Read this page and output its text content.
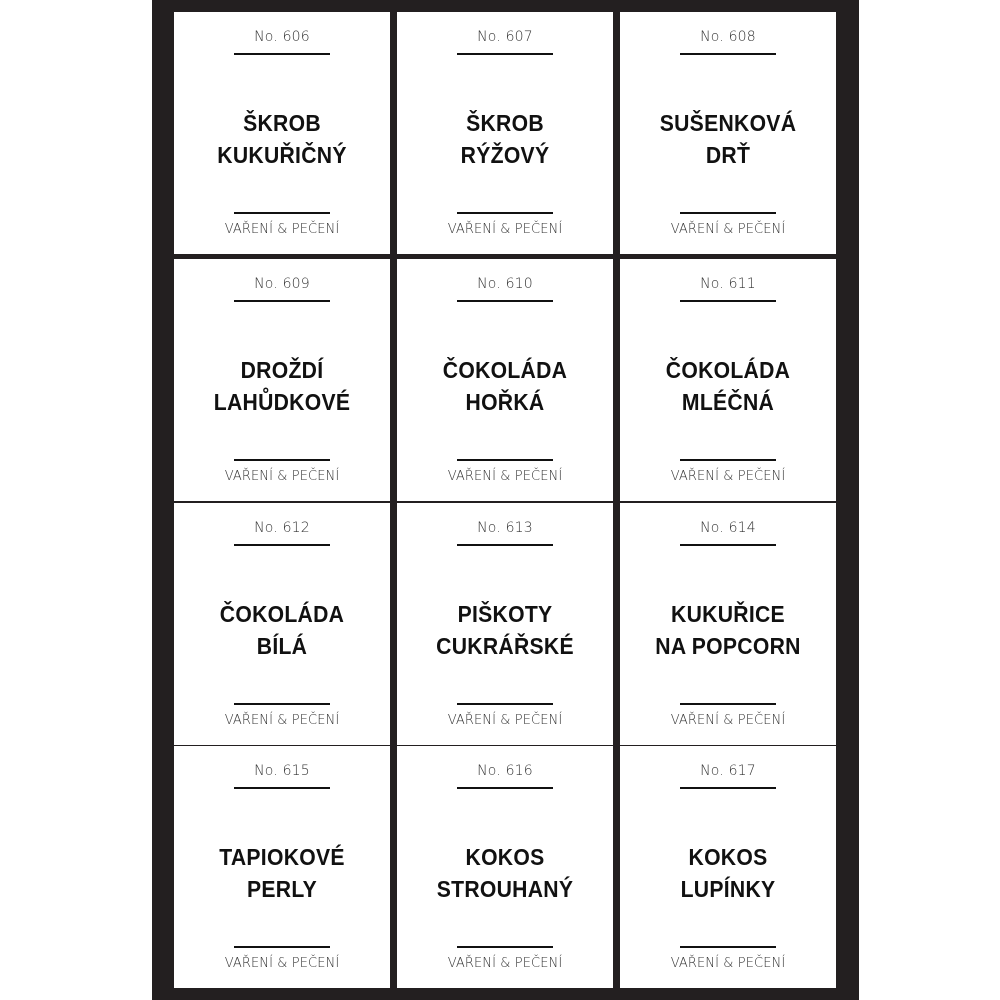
No. 606
ŠKROB
KUKUŘIČNÝ
VAŘENÍ & PEČENÍ
No. 607
ŠKROB
RÝŽOVÝ
VAŘENÍ & PEČENÍ
No. 608
SUŠENKOVÁ
DRŤ
VAŘENÍ & PEČENÍ
No. 609
DROŽDÍ
LAHŮDKOVÉ
VAŘENÍ & PEČENÍ
No. 610
ČOKOLÁDA
HOŘKÁ
VAŘENÍ & PEČENÍ
No. 611
ČOKOLÁDA
MLÉČNÁ
VAŘENÍ & PEČENÍ
No. 612
ČOKOLÁDA
BÍLÁ
VAŘENÍ & PEČENÍ
No. 613
PIŠKOTY
CUKRÁŘSKÉ
VAŘENÍ & PEČENÍ
No. 614
KUKUŘICE
NA POPCORN
VAŘENÍ & PEČENÍ
No. 615
TAPIOKOVÉ
PERLY
VAŘENÍ & PEČENÍ
No. 616
KOKOS
STROUHANÝ
VAŘENÍ & PEČENÍ
No. 617
KOKOS
LUPÍNKY
VAŘENÍ & PEČENÍ
